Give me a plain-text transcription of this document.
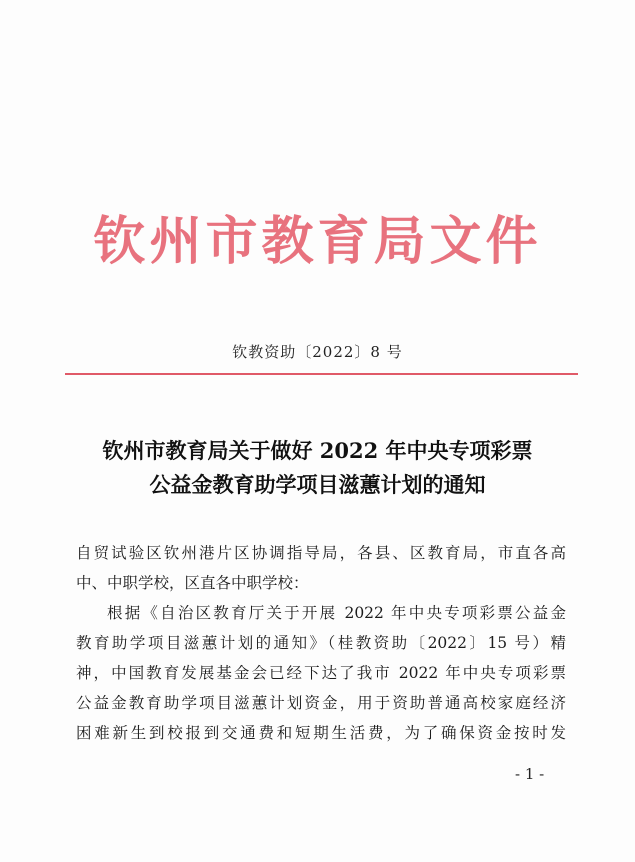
钦州市教育局文件
钦教资助〔2022〕8 号
钦州市教育局关于做好 2022 年中央专项彩票
公益金教育助学项目滋蕙计划的通知
自贸试验区钦州港片区协调指导局，各县、区教育局，市直各高
中、中职学校，区直各中职学校：
根据《自治区教育厅关于开展 2022 年中央专项彩票公益金
教育助学项目滋蕙计划的通知》（桂教资助〔2022〕15 号）精
神，中国教育发展基金会已经下达了我市 2022 年中央专项彩票
公益金教育助学项目滋蕙计划资金，用于资助普通高校家庭经济
困难新生到校报到交通费和短期生活费，为了确保资金按时发
- 1 -
